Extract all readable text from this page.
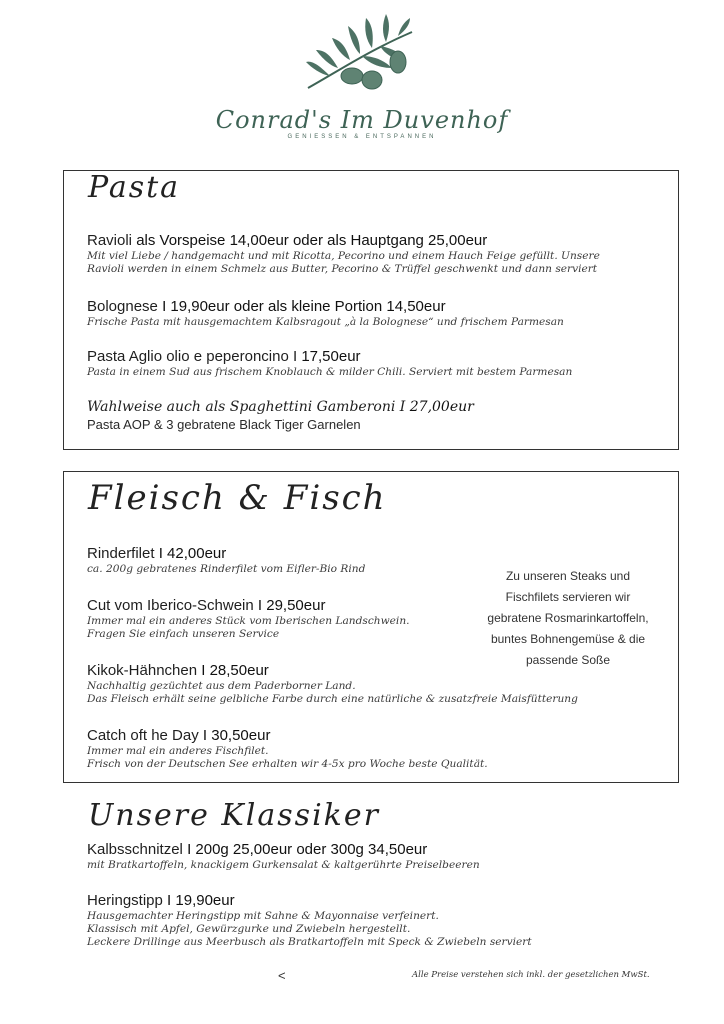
Conrad's Im Duvenhof
GENIESSEN & ENTSPANNEN
Pasta
Ravioli als Vorspeise 14,00eur oder als Hauptgang 25,00eur
Mit viel Liebe / handgemacht und mit Ricotta, Pecorino und einem Hauch Feige gefüllt. Unsere
Ravioli werden in einem Schmelz aus Butter, Pecorino & Trüffel geschwenkt und dann serviert
Bolognese I 19,90eur oder als kleine Portion 14,50eur
Frische Pasta mit hausgemachtem Kalbsragout „à la Bolognese“ und frischem Parmesan
Pasta Aglio olio e peperoncino I 17,50eur
Pasta in einem Sud aus frischem Knoblauch & milder Chili. Serviert mit bestem Parmesan
Wahlweise auch als Spaghettini Gamberoni I 27,00eur
Pasta AOP & 3 gebratene Black Tiger Garnelen
Fleisch & Fisch
Rinderfilet I 42,00eur
ca. 200g gebratenes Rinderfilet vom Eifler-Bio Rind
Cut vom Iberico-Schwein I 29,50eur
Immer mal ein anderes Stück vom Iberischen Landschwein.
Fragen Sie einfach unseren Service
Kikok-Hähnchen I 28,50eur
Nachhaltig gezüchtet aus dem Paderborner Land.
Das Fleisch erhält seine gelbliche Farbe durch eine natürliche & zusatzfreie Maisfütterung
Catch oft he Day I 30,50eur
Immer mal ein anderes Fischfilet.
Frisch von der Deutschen See erhalten wir 4-5x pro Woche beste Qualität.
Zu unseren Steaks und
Fischfilets servieren wir
gebratene Rosmarinkartoffeln,
buntes Bohnengemüse & die
passende Soße
Unsere Klassiker
Kalbsschnitzel I 200g 25,00eur oder 300g 34,50eur
mit Bratkartoffeln, knackigem Gurkensalat & kaltgerührte Preiselbeeren
Heringstipp I 19,90eur
Hausgemachter Heringstipp mit Sahne & Mayonnaise verfeinert.
Klassisch mit Apfel, Gewürzgurke und Zwiebeln hergestellt.
Leckere Drillinge aus Meerbusch als Bratkartoffeln mit Speck & Zwiebeln serviert
<	Alle Preise verstehen sich inkl. der gesetzlichen MwSt.
